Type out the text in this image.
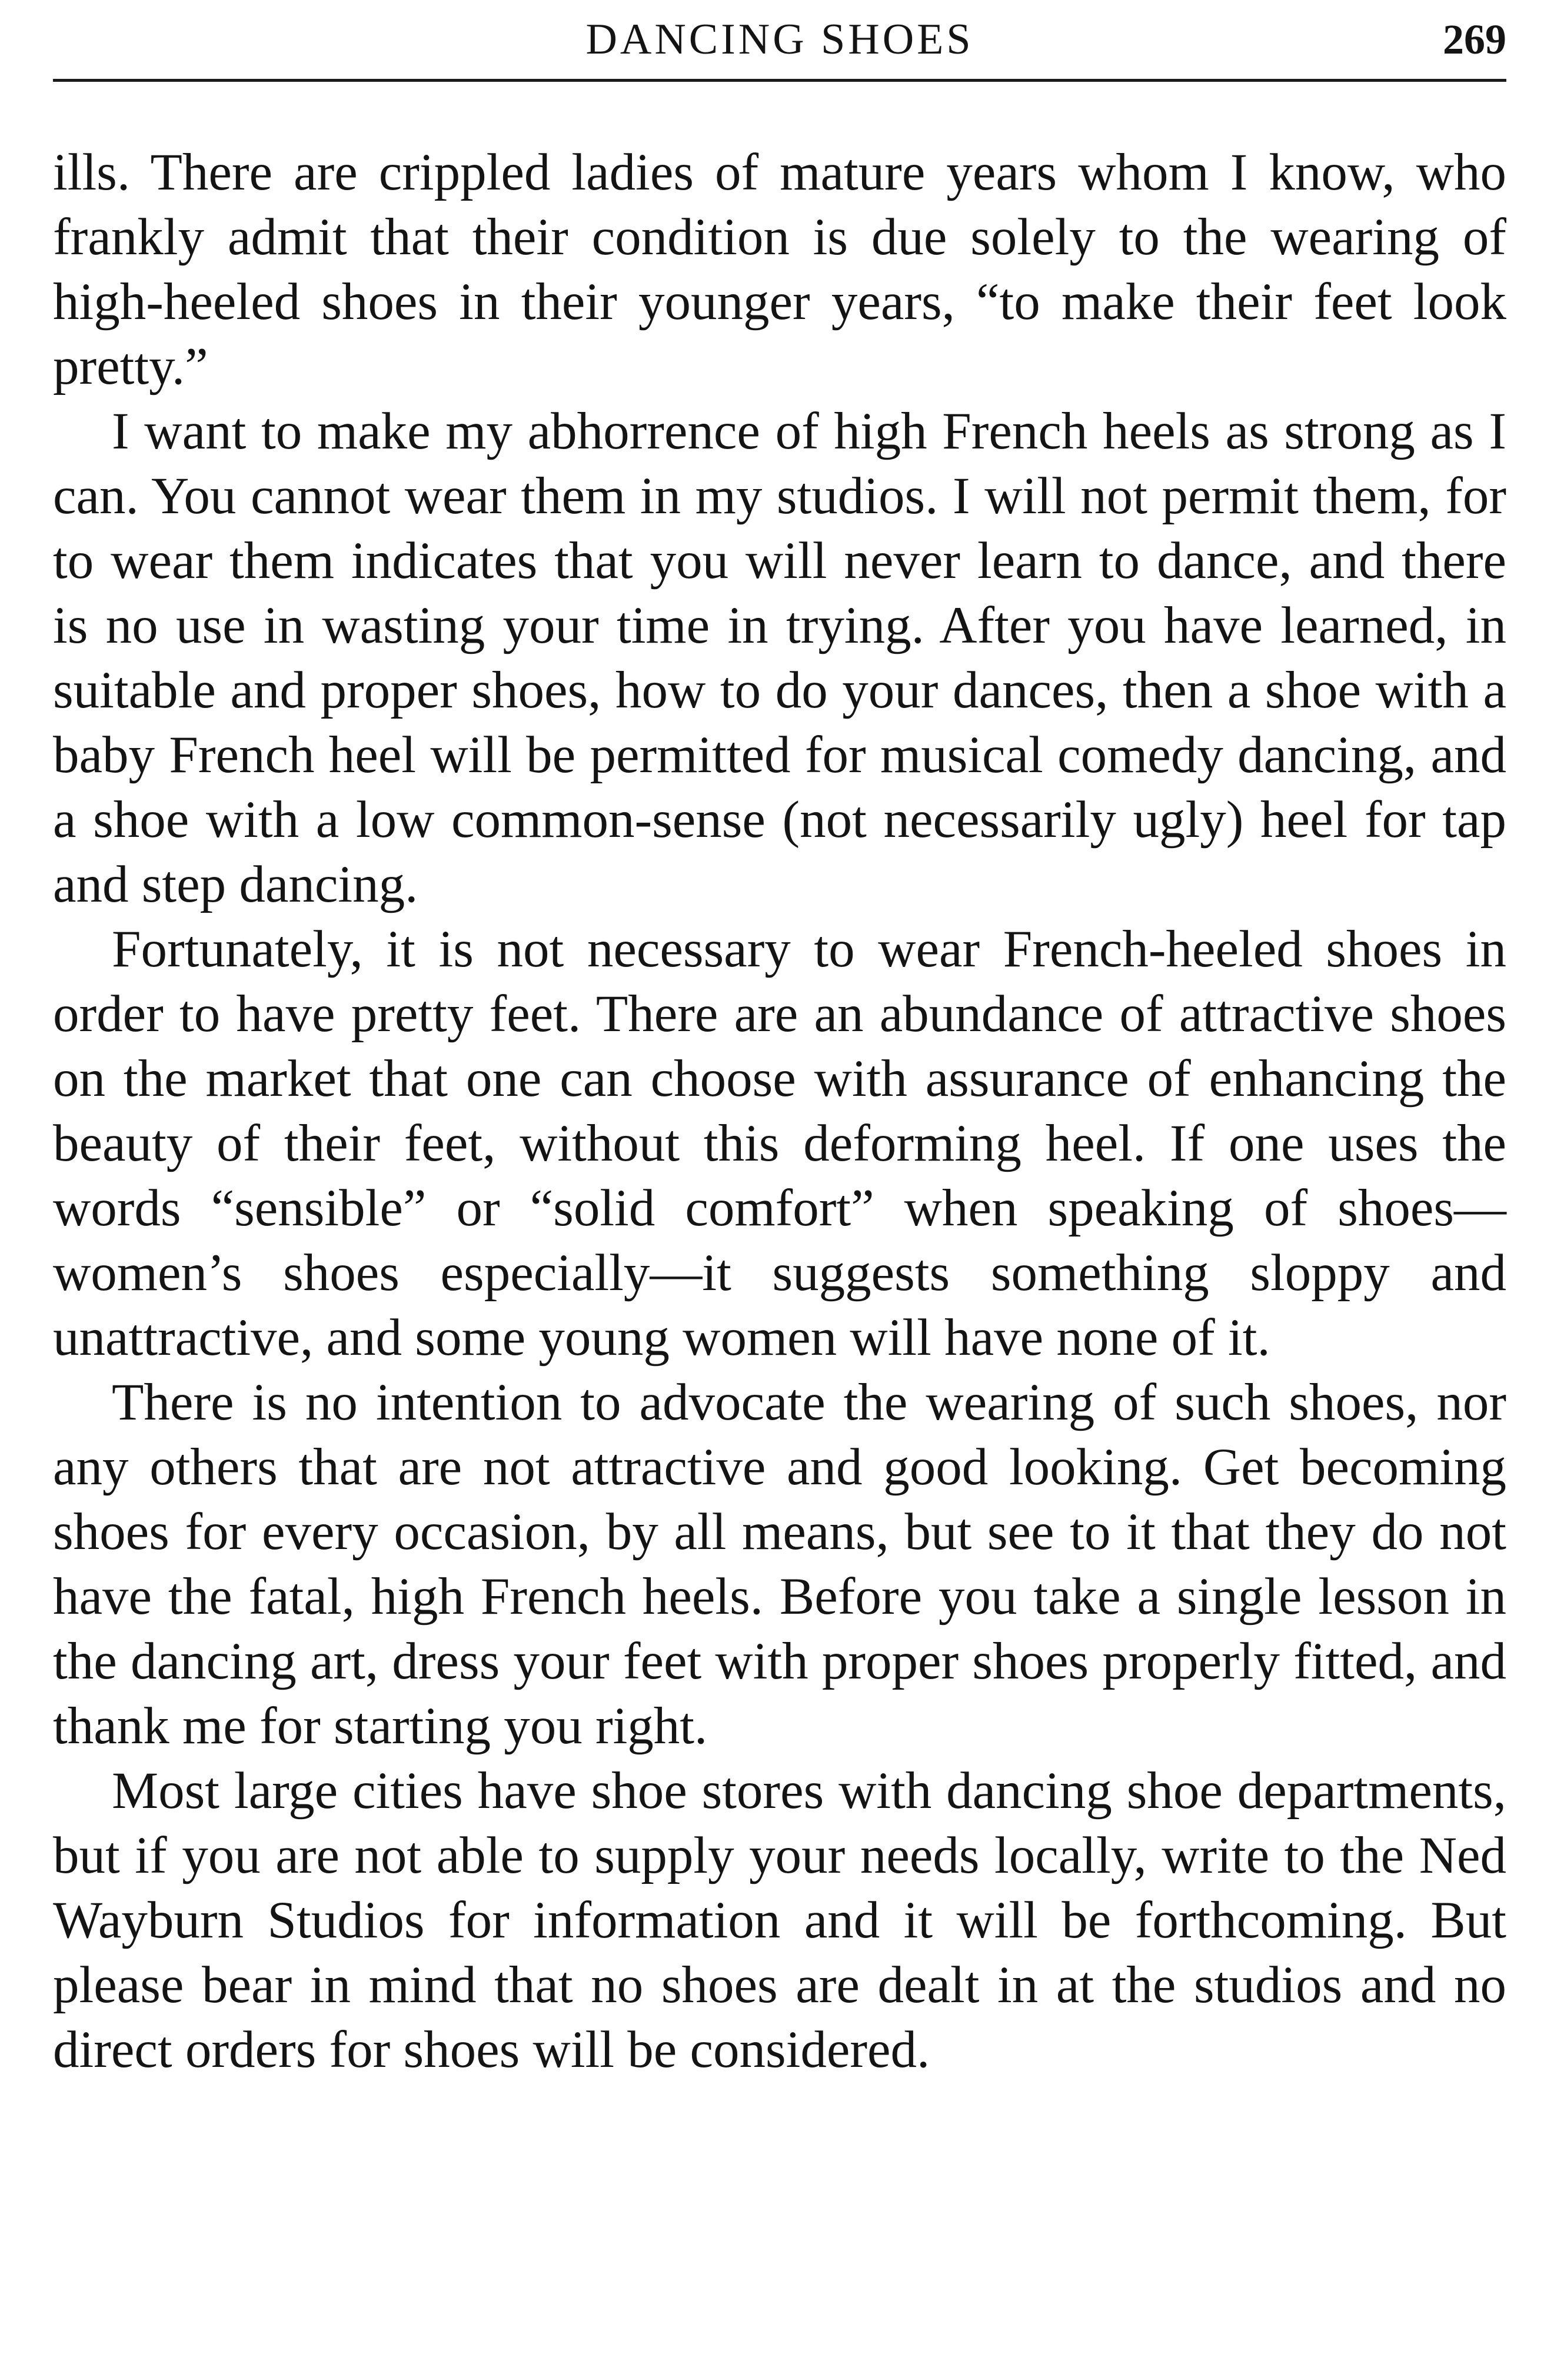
DANCING SHOES	269

ills. There are crippled ladies of mature years whom I know, who frankly admit that their condition is due solely to the wearing of high-heeled shoes in their younger years, “to make their feet look pretty.”

I want to make my abhorrence of high French heels as strong as I can. You cannot wear them in my studios. I will not permit them, for to wear them indicates that you will never learn to dance, and there is no use in wasting your time in trying. After you have learned, in suitable and proper shoes, how to do your dances, then a shoe with a baby French heel will be permitted for musical comedy dancing, and a shoe with a low common-sense (not necessarily ugly) heel for tap and step dancing.

Fortunately, it is not necessary to wear French-heeled shoes in order to have pretty feet. There are an abundance of attractive shoes on the market that one can choose with assurance of enhancing the beauty of their feet, without this deforming heel. If one uses the words “sensible” or “solid comfort” when speaking of shoes—women’s shoes especially—it suggests something sloppy and unattractive, and some young women will have none of it.

There is no intention to advocate the wearing of such shoes, nor any others that are not attractive and good looking. Get becoming shoes for every occasion, by all means, but see to it that they do not have the fatal, high French heels. Before you take a single lesson in the dancing art, dress your feet with proper shoes properly fitted, and thank me for starting you right.

Most large cities have shoe stores with dancing shoe departments, but if you are not able to supply your needs locally, write to the Ned Wayburn Studios for information and it will be forthcoming. But please bear in mind that no shoes are dealt in at the studios and no direct orders for shoes will be considered.
